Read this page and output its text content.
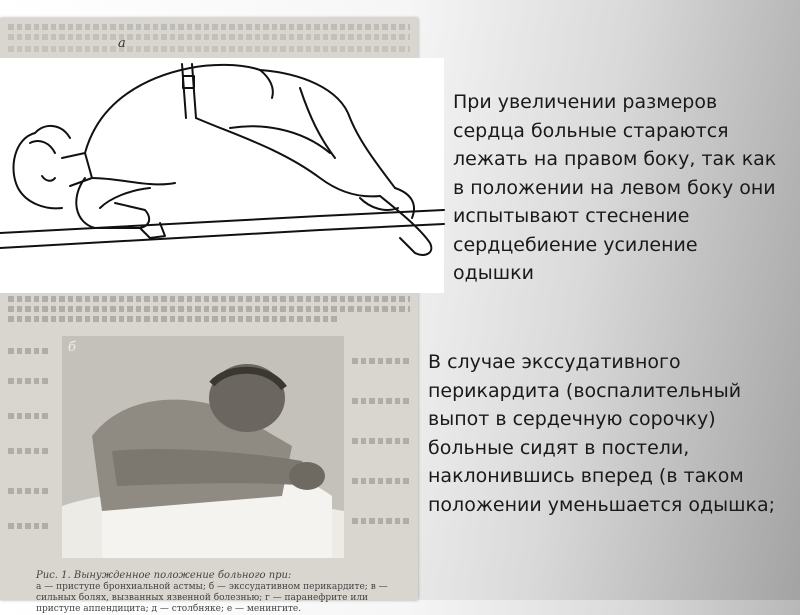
a
б
Рис. 1. Вынужденное положение больного при:
а — приступе бронхиальной астмы; б — экссудативном перикардите; в — сильных болях, вызванных язвенной болезнью; г — паранефрите или приступе аппендицита; д — столбняке; е — менингите.

При увеличении размеров сердца больные стараются лежать на правом боку, так как в положении на левом боку они испытывают стеснение сердцебиение усиление одышки

В случае экссудативного перикардита (воспалительный выпот в сердечную сорочку) больные сидят в постели, наклонившись вперед (в таком положении уменьшается одышка;
